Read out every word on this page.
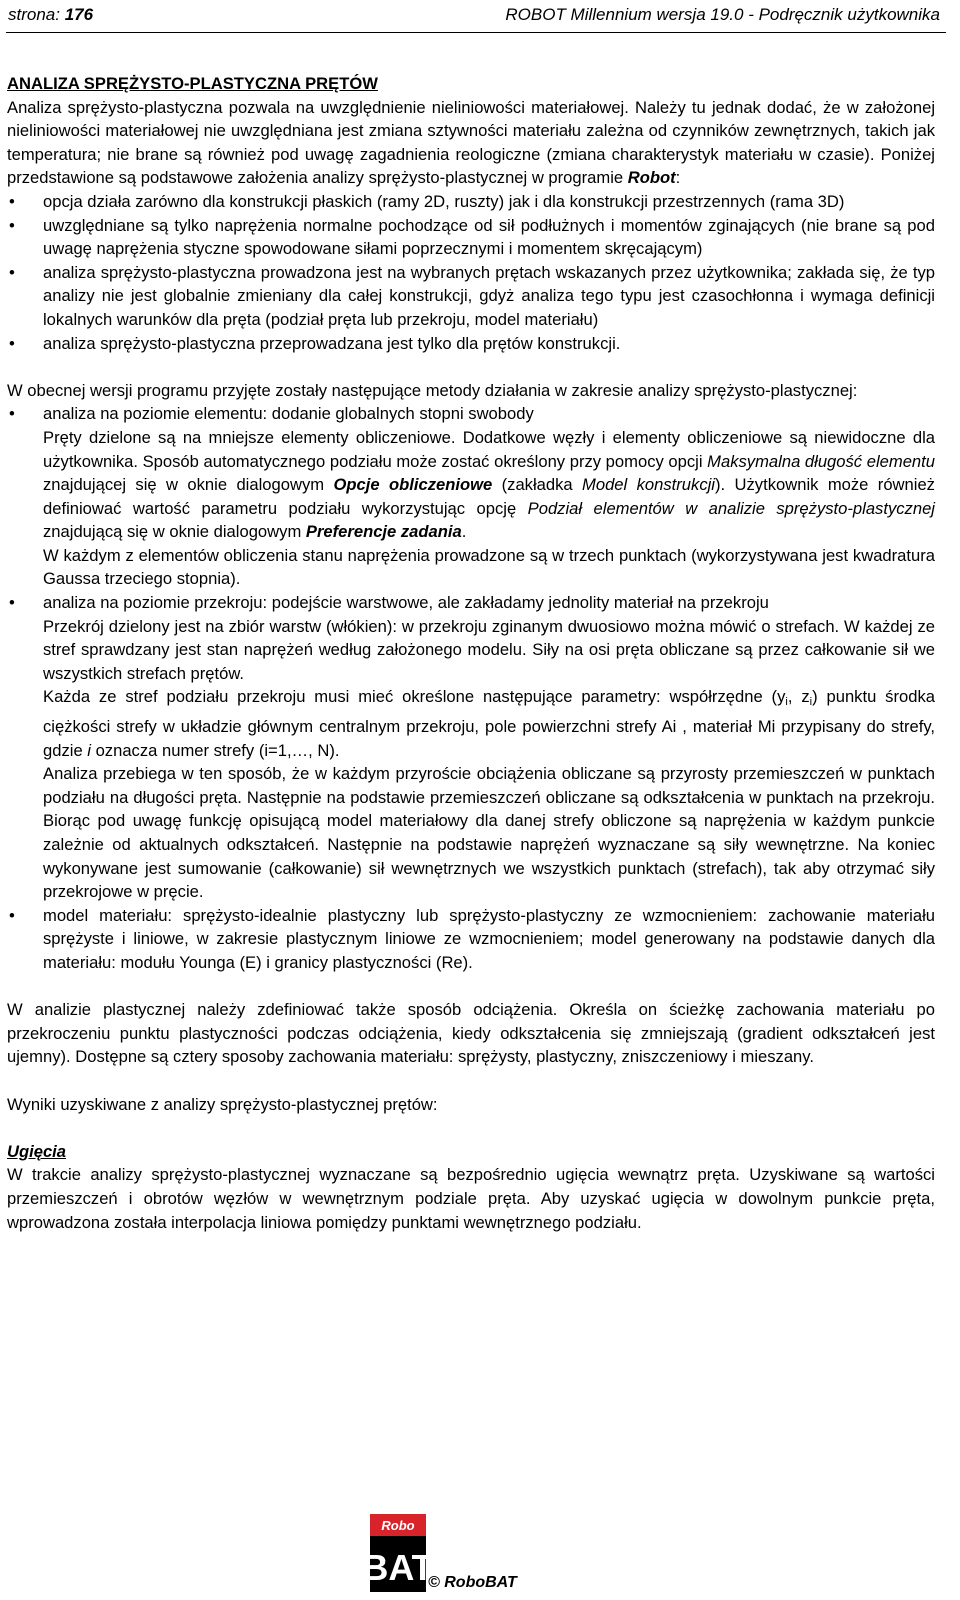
strona: 176	ROBOT Millennium wersja 19.0 - Podręcznik użytkownika

ANALIZA SPRĘŻYSTO-PLASTYCZNA PRĘTÓW

Analiza sprężysto-plastyczna pozwala na uwzględnienie nieliniowości materiałowej. Należy tu jednak dodać, że w założonej nieliniowości materiałowej nie uwzględniana jest zmiana sztywności materiału zależna od czynników zewnętrznych, takich jak temperatura; nie brane są również pod uwagę zagadnienia reologiczne (zmiana charakterystyk materiału w czasie). Poniżej przedstawione są podstawowe założenia analizy sprężysto-plastycznej w programie Robot:

• opcja działa zarówno dla konstrukcji płaskich (ramy 2D, ruszty) jak i dla konstrukcji przestrzennych (rama 3D)
• uwzględniane są tylko naprężenia normalne pochodzące od sił podłużnych i momentów zginających (nie brane są pod uwagę naprężenia styczne spowodowane siłami poprzecznymi i momentem skręcającym)
• analiza sprężysto-plastyczna prowadzona jest na wybranych prętach wskazanych przez użytkownika; zakłada się, że typ analizy nie jest globalnie zmieniany dla całej konstrukcji, gdyż analiza tego typu jest czasochłonna i wymaga definicji lokalnych warunków dla pręta (podział pręta lub przekroju, model materiału)
• analiza sprężysto-plastyczna przeprowadzana jest tylko dla prętów konstrukcji.

W obecnej wersji programu przyjęte zostały następujące metody działania w zakresie analizy sprężysto-plastycznej:

• analiza na poziomie elementu: dodanie globalnych stopni swobody
Pręty dzielone są na mniejsze elementy obliczeniowe. Dodatkowe węzły i elementy obliczeniowe są niewidoczne dla użytkownika. Sposób automatycznego podziału może zostać określony przy pomocy opcji Maksymalna długość elementu znajdującej się w oknie dialogowym Opcje obliczeniowe (zakładka Model konstrukcji). Użytkownik może również definiować wartość parametru podziału wykorzystując opcję Podział elementów w analizie sprężysto-plastycznej znajdującą się w oknie dialogowym Preferencje zadania.
W każdym z elementów obliczenia stanu naprężenia prowadzone są w trzech punktach (wykorzystywana jest kwadratura Gaussa trzeciego stopnia).
• analiza na poziomie przekroju: podejście warstwowe, ale zakładamy jednolity materiał na przekroju
Przekrój dzielony jest na zbiór warstw (włókien): w przekroju zginanym dwuosiowo można mówić o strefach. W każdej ze stref sprawdzany jest stan naprężeń według założonego modelu. Siły na osi pręta obliczane są przez całkowanie sił we wszystkich strefach prętów.
Każda ze stref podziału przekroju musi mieć określone następujące parametry: współrzędne ($y_i$, $z_i$) punktu środka ciężkości strefy w układzie głównym centralnym przekroju, pole powierzchni strefy Ai , materiał Mi przypisany do strefy, gdzie i oznacza numer strefy (i=1,…, N).
Analiza przebiega w ten sposób, że w każdym przyroście obciążenia obliczane są przyrosty przemieszczeń w punktach podziału na długości pręta. Następnie na podstawie przemieszczeń obliczane są odkształcenia w punktach na przekroju. Biorąc pod uwagę funkcję opisującą model materiałowy dla danej strefy obliczone są naprężenia w każdym punkcie zależnie od aktualnych odkształceń. Następnie na podstawie naprężeń wyznaczane są siły wewnętrzne. Na koniec wykonywane jest sumowanie (całkowanie) sił wewnętrznych we wszystkich punktach (strefach), tak aby otrzymać siły przekrojowe w pręcie.
• model materiału: sprężysto-idealnie plastyczny lub sprężysto-plastyczny ze wzmocnieniem: zachowanie materiału sprężyste i liniowe, w zakresie plastycznym liniowe ze wzmocnieniem; model generowany na podstawie danych dla materiału: modułu Younga (E) i granicy plastyczności (Re).

W analizie plastycznej należy zdefiniować także sposób odciążenia. Określa on ścieżkę zachowania materiału po przekroczeniu punktu plastyczności podczas odciążenia, kiedy odkształcenia się zmniejszają (gradient odkształceń jest ujemny). Dostępne są cztery sposoby zachowania materiału: sprężysty, plastyczny, zniszczeniowy i mieszany.

Wyniki uzyskiwane z analizy sprężysto-plastycznej prętów:

Ugięcia

W trakcie analizy sprężysto-plastycznej wyznaczane są bezpośrednio ugięcia wewnątrz pręta. Uzyskiwane są wartości przemieszczeń i obrotów węzłów w wewnętrznym podziale pręta. Aby uzyskać ugięcia w dowolnym punkcie pręta, wprowadzona została interpolacja liniowa pomiędzy punktami wewnętrznego podziału.

Robo
BAT
© RoboBAT
